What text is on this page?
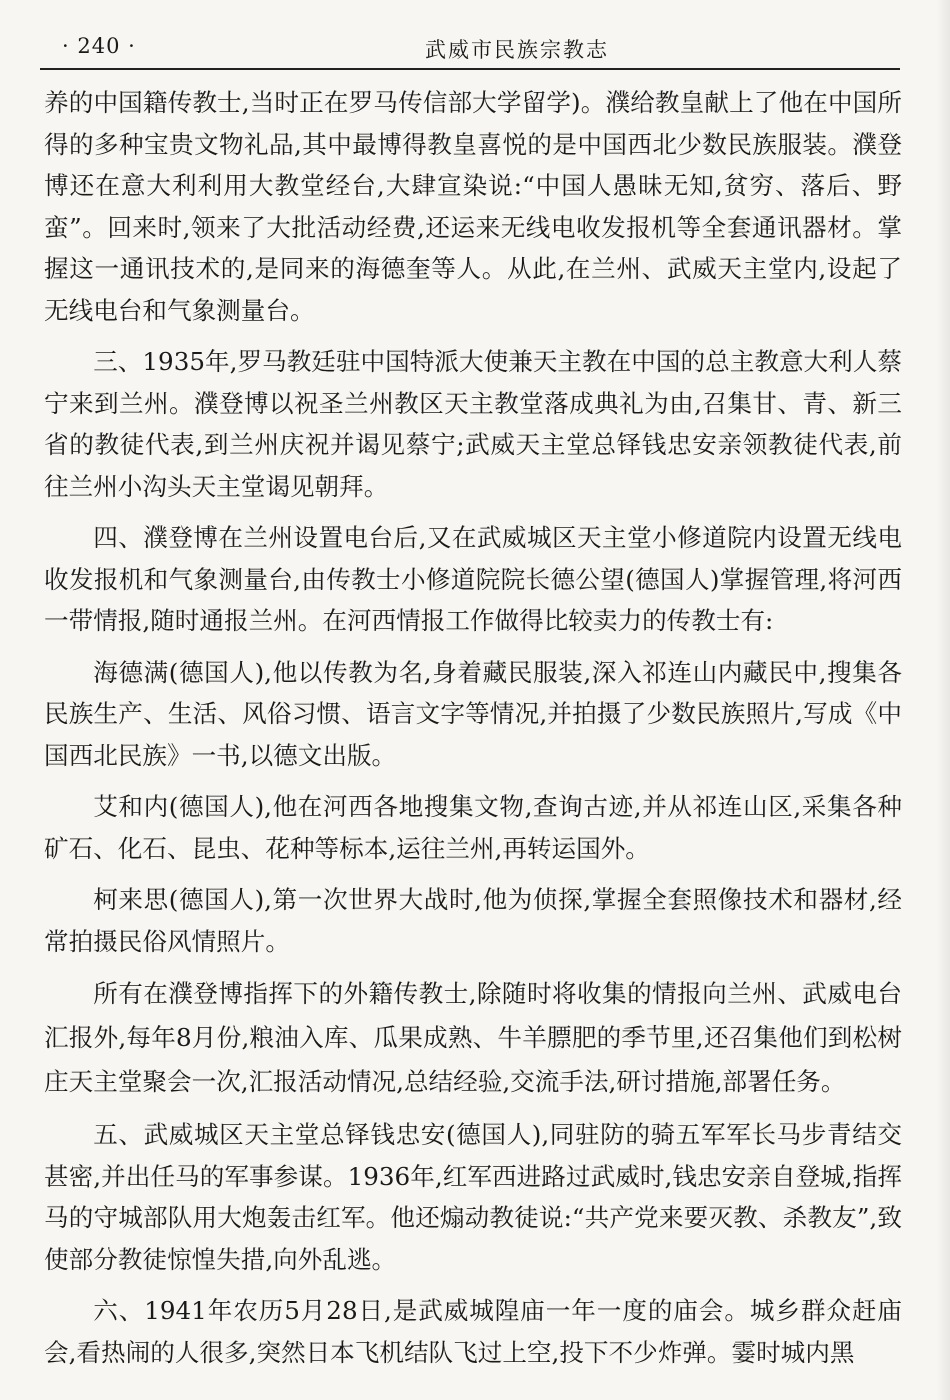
· 240 ·	武威市民族宗教志

养的中国籍传教士,当时正在罗马传信部大学留学)。濮给教皇献上了他在中国所得的多种宝贵文物礼品,其中最博得教皇喜悦的是中国西北少数民族服装。濮登博还在意大利利用大教堂经台,大肆宣染说:“中国人愚昧无知,贫穷、落后、野蛮”。回来时,领来了大批活动经费,还运来无线电收发报机等全套通讯器材。掌握这一通讯技术的,是同来的海德奎等人。从此,在兰州、武威天主堂内,设起了无线电台和气象测量台。

三、1935年,罗马教廷驻中国特派大使兼天主教在中国的总主教意大利人蔡宁来到兰州。濮登博以祝圣兰州教区天主教堂落成典礼为由,召集甘、青、新三省的教徒代表,到兰州庆祝并谒见蔡宁;武威天主堂总铎钱忠安亲领教徒代表,前往兰州小沟头天主堂谒见朝拜。

四、濮登博在兰州设置电台后,又在武威城区天主堂小修道院内设置无线电收发报机和气象测量台,由传教士小修道院院长德公望(德国人)掌握管理,将河西一带情报,随时通报兰州。在河西情报工作做得比较卖力的传教士有:

海德满(德国人),他以传教为名,身着藏民服装,深入祁连山内藏民中,搜集各民族生产、生活、风俗习惯、语言文字等情况,并拍摄了少数民族照片,写成《中国西北民族》一书,以德文出版。

艾和内(德国人),他在河西各地搜集文物,查询古迹,并从祁连山区,采集各种矿石、化石、昆虫、花种等标本,运往兰州,再转运国外。

柯来思(德国人),第一次世界大战时,他为侦探,掌握全套照像技术和器材,经常拍摄民俗风情照片。

所有在濮登博指挥下的外籍传教士,除随时将收集的情报向兰州、武威电台汇报外,每年8月份,粮油入库、瓜果成熟、牛羊膘肥的季节里,还召集他们到松树庄天主堂聚会一次,汇报活动情况,总结经验,交流手法,研讨措施,部署任务。

五、武威城区天主堂总铎钱忠安(德国人),同驻防的骑五军军长马步青结交甚密,并出任马的军事参谋。1936年,红军西进路过武威时,钱忠安亲自登城,指挥马的守城部队用大炮轰击红军。他还煽动教徒说:“共产党来要灭教、杀教友”,致使部分教徒惊惶失措,向外乱逃。

六、1941年农历5月28日,是武威城隍庙一年一度的庙会。城乡群众赶庙会,看热闹的人很多,突然日本飞机结队飞过上空,投下不少炸弹。霎时城内黑
